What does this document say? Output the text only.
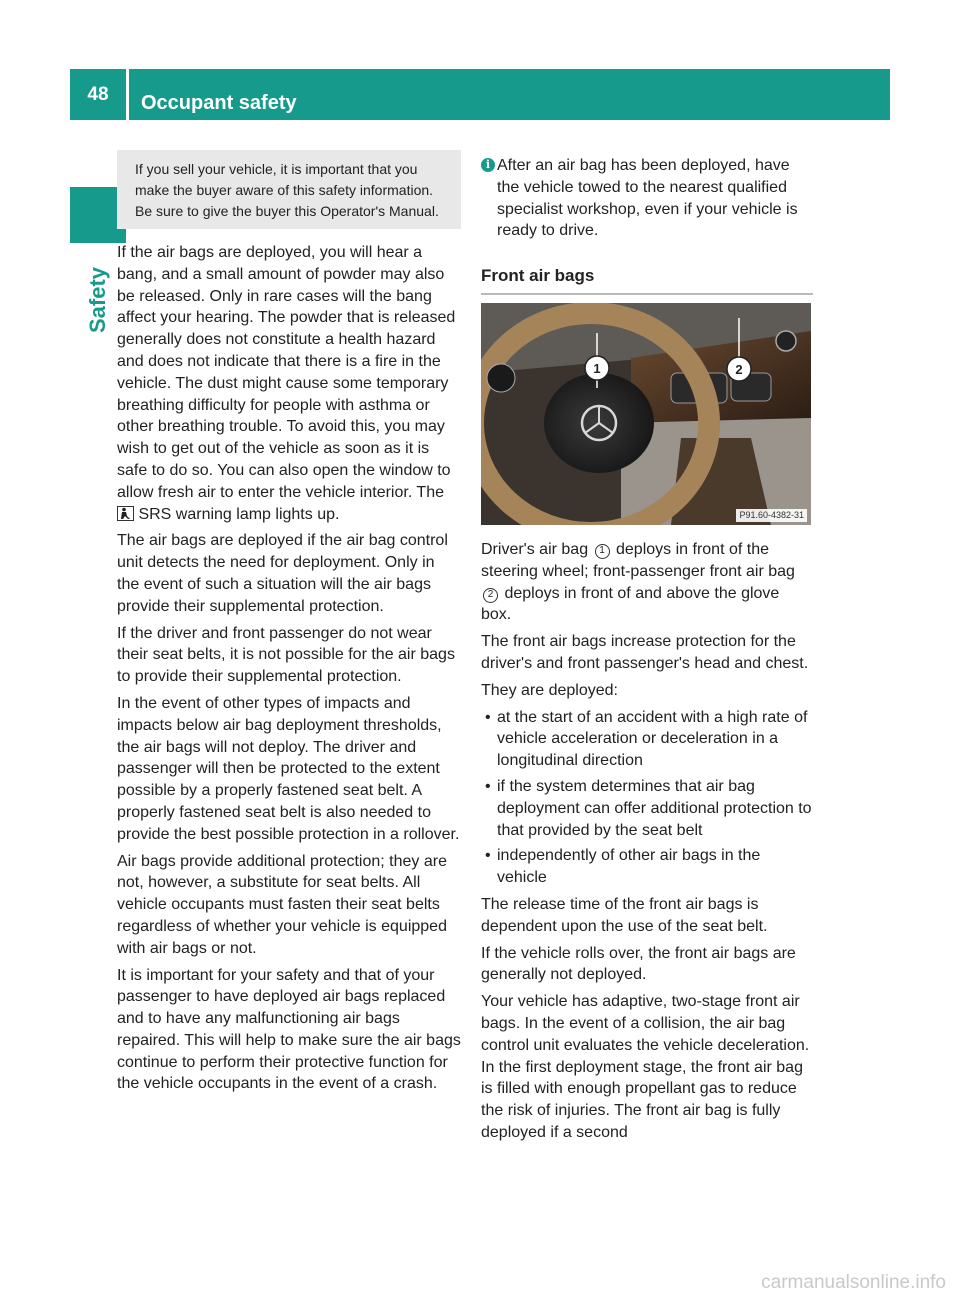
48	Occupant safety
Safety
If you sell your vehicle, it is important that you make the buyer aware of this safety information. Be sure to give the buyer this Operator's Manual.

If the air bags are deployed, you will hear a bang, and a small amount of powder may also be released. Only in rare cases will the bang affect your hearing. The powder that is released generally does not constitute a health hazard and does not indicate that there is a fire in the vehicle. The dust might cause some temporary breathing difficulty for people with asthma or other breathing trouble. To avoid this, you may wish to get out of the vehicle as soon as it is safe to do so. You can also open the window to allow fresh air to enter the vehicle interior. The
SRS warning lamp lights up.

The air bags are deployed if the air bag control unit detects the need for deployment. Only in the event of such a situation will the air bags provide their supplemental protection.

If the driver and front passenger do not wear their seat belts, it is not possible for the air bags to provide their supplemental protection.

In the event of other types of impacts and impacts below air bag deployment thresholds, the air bags will not deploy. The driver and passenger will then be protected to the extent possible by a properly fastened seat belt. A properly fastened seat belt is also needed to provide the best possible protection in a rollover.

Air bags provide additional protection; they are not, however, a substitute for seat belts. All vehicle occupants must fasten their seat belts regardless of whether your vehicle is equipped with air bags or not.

It is important for your safety and that of your passenger to have deployed air bags replaced and to have any malfunctioning air bags repaired. This will help to make sure the air bags continue to perform their protective function for the vehicle occupants in the event of a crash.

i After an air bag has been deployed, have the vehicle towed to the nearest qualified specialist workshop, even if your vehicle is ready to drive.
Front air bags
1	2
P91.60-4382-31

Driver's air bag 1 deploys in front of the steering wheel; front-passenger front air bag 2 deploys in front of and above the glove box.

The front air bags increase protection for the driver's and front passenger's head and chest.

They are deployed:

• at the start of an accident with a high rate of vehicle acceleration or deceleration in a longitudinal direction
• if the system determines that air bag deployment can offer additional protection to that provided by the seat belt
• independently of other air bags in the vehicle

The release time of the front air bags is dependent upon the use of the seat belt.

If the vehicle rolls over, the front air bags are generally not deployed.

Your vehicle has adaptive, two-stage front air bags. In the event of a collision, the air bag control unit evaluates the vehicle deceleration. In the first deployment stage, the front air bag is filled with enough propellant gas to reduce the risk of injuries. The front air bag is fully deployed if a second

carmanualsonline.info
